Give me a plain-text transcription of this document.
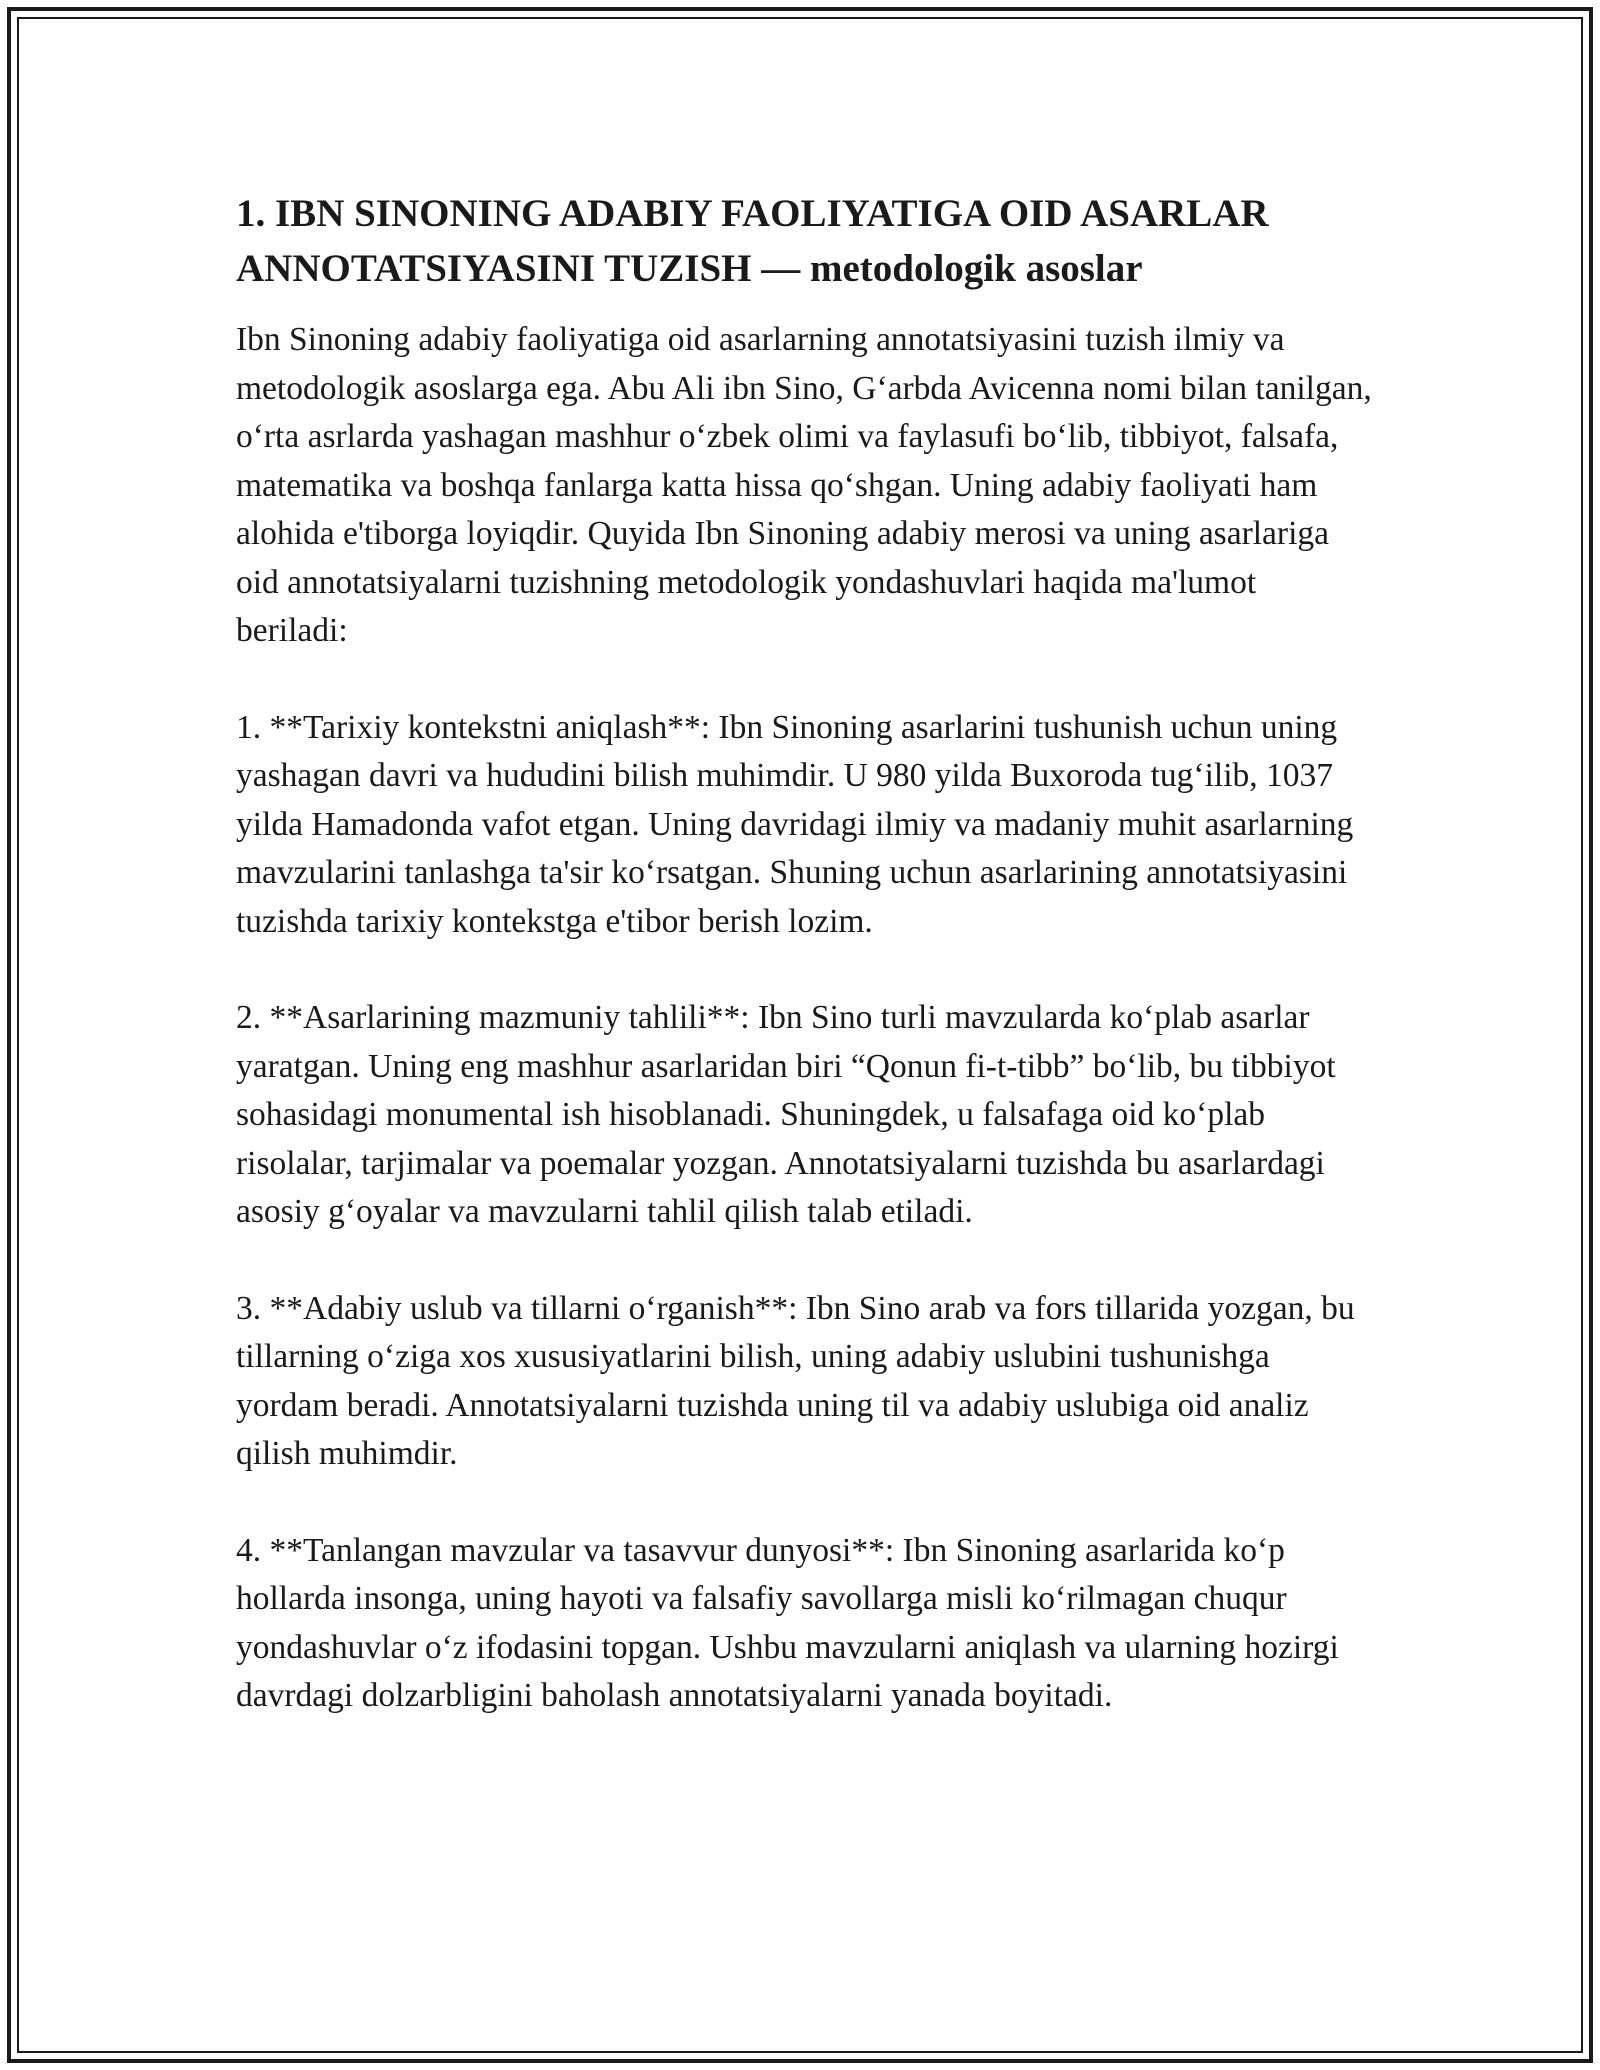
1. IBN SINONING ADABIY FAOLIYATIGA OID ASARLAR
ANNOTATSIYASINI TUZISH — metodologik asoslar

Ibn Sinoning adabiy faoliyatiga oid asarlarning annotatsiyasini tuzish ilmiy va metodologik asoslarga ega. Abu Ali ibn Sino, G‘arbda Avicenna nomi bilan tanilgan, o‘rta asrlarda yashagan mashhur o‘zbek olimi va faylasufi bo‘lib, tibbiyot, falsafa, matematika va boshqa fanlarga katta hissa qo‘shgan. Uning adabiy faoliyati ham alohida e'tiborga loyiqdir. Quyida Ibn Sinoning adabiy merosi va uning asarlariga oid annotatsiyalarni tuzishning metodologik yondashuvlari haqida ma'lumot beriladi:

1. **Tarixiy kontekstni aniqlash**: Ibn Sinoning asarlarini tushunish uchun uning yashagan davri va hududini bilish muhimdir. U 980 yilda Buxoroda tug‘ilib, 1037 yilda Hamadonda vafot etgan. Uning davridagi ilmiy va madaniy muhit asarlarning mavzularini tanlashga ta'sir ko‘rsatgan. Shuning uchun asarlarining annotatsiyasini tuzishda tarixiy kontekstga e'tibor berish lozim.

2. **Asarlarining mazmuniy tahlili**: Ibn Sino turli mavzularda ko‘plab asarlar yaratgan. Uning eng mashhur asarlaridan biri “Qonun fi-t-tibb” bo‘lib, bu tibbiyot sohasidagi monumental ish hisoblanadi. Shuningdek, u falsafaga oid ko‘plab risolalar, tarjimalar va poemalar yozgan. Annotatsiyalarni tuzishda bu asarlardagi asosiy g‘oyalar va mavzularni tahlil qilish talab etiladi.

3. **Adabiy uslub va tillarni o‘rganish**: Ibn Sino arab va fors tillarida yozgan, bu tillarning o‘ziga xos xususiyatlarini bilish, uning adabiy uslubini tushunishga yordam beradi. Annotatsiyalarni tuzishda uning til va adabiy uslubiga oid analiz qilish muhimdir.

4. **Tanlangan mavzular va tasavvur dunyosi**: Ibn Sinoning asarlarida ko‘p hollarda insonga, uning hayoti va falsafiy savollarga misli ko‘rilmagan chuqur yondashuvlar o‘z ifodasini topgan. Ushbu mavzularni aniqlash va ularning hozirgi davrdagi dolzarbligini baholash annotatsiyalarni yanada boyitadi.
